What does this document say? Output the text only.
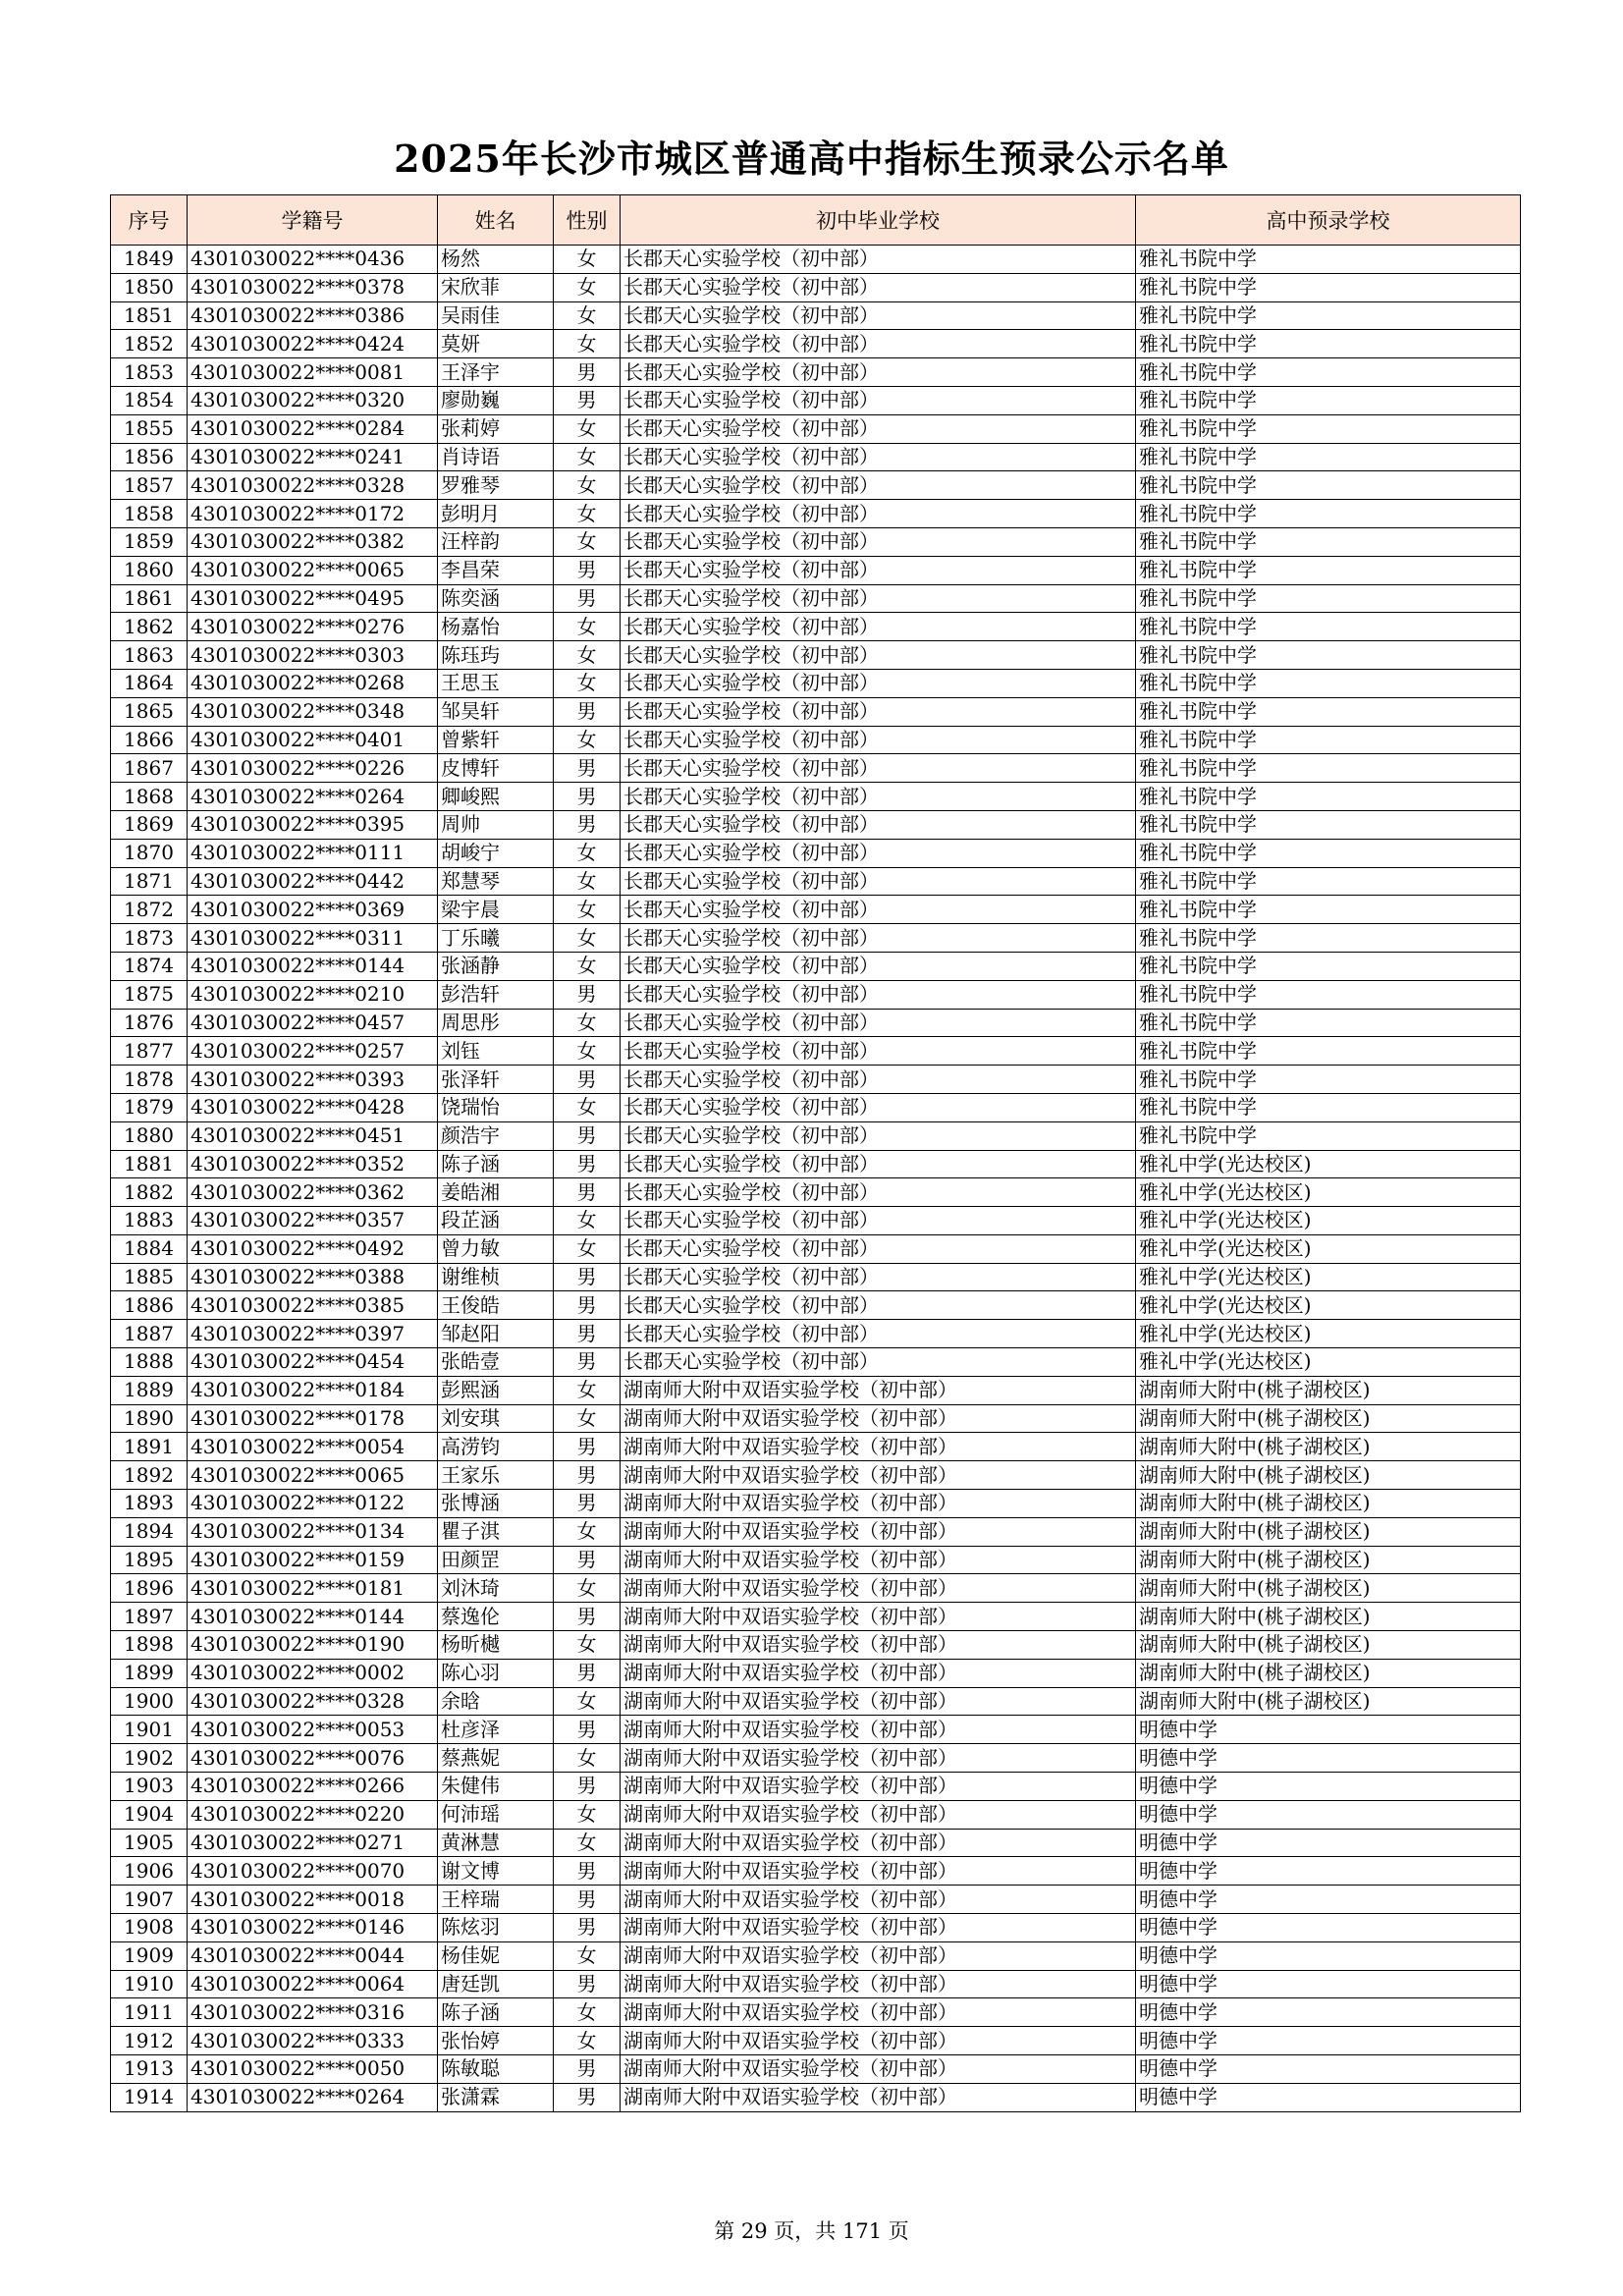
2025年长沙市城区普通高中指标生预录公示名单
序号	学籍号	姓名	性别	初中毕业学校	高中预录学校
1849	4301030022****0436	杨然	女	长郡天心实验学校（初中部）	雅礼书院中学
1850	4301030022****0378	宋欣菲	女	长郡天心实验学校（初中部）	雅礼书院中学
1851	4301030022****0386	吴雨佳	女	长郡天心实验学校（初中部）	雅礼书院中学
1852	4301030022****0424	莫妍	女	长郡天心实验学校（初中部）	雅礼书院中学
1853	4301030022****0081	王泽宇	男	长郡天心实验学校（初中部）	雅礼书院中学
1854	4301030022****0320	廖勋巍	男	长郡天心实验学校（初中部）	雅礼书院中学
1855	4301030022****0284	张莉婷	女	长郡天心实验学校（初中部）	雅礼书院中学
1856	4301030022****0241	肖诗语	女	长郡天心实验学校（初中部）	雅礼书院中学
1857	4301030022****0328	罗雅琴	女	长郡天心实验学校（初中部）	雅礼书院中学
1858	4301030022****0172	彭明月	女	长郡天心实验学校（初中部）	雅礼书院中学
1859	4301030022****0382	汪梓韵	女	长郡天心实验学校（初中部）	雅礼书院中学
1860	4301030022****0065	李昌荣	男	长郡天心实验学校（初中部）	雅礼书院中学
1861	4301030022****0495	陈奕涵	男	长郡天心实验学校（初中部）	雅礼书院中学
1862	4301030022****0276	杨嘉怡	女	长郡天心实验学校（初中部）	雅礼书院中学
1863	4301030022****0303	陈珏玙	女	长郡天心实验学校（初中部）	雅礼书院中学
1864	4301030022****0268	王思玉	女	长郡天心实验学校（初中部）	雅礼书院中学
1865	4301030022****0348	邹昊轩	男	长郡天心实验学校（初中部）	雅礼书院中学
1866	4301030022****0401	曾紫轩	女	长郡天心实验学校（初中部）	雅礼书院中学
1867	4301030022****0226	皮博轩	男	长郡天心实验学校（初中部）	雅礼书院中学
1868	4301030022****0264	卿峻熙	男	长郡天心实验学校（初中部）	雅礼书院中学
1869	4301030022****0395	周帅	男	长郡天心实验学校（初中部）	雅礼书院中学
1870	4301030022****0111	胡峻宁	女	长郡天心实验学校（初中部）	雅礼书院中学
1871	4301030022****0442	郑慧琴	女	长郡天心实验学校（初中部）	雅礼书院中学
1872	4301030022****0369	梁宇晨	女	长郡天心实验学校（初中部）	雅礼书院中学
1873	4301030022****0311	丁乐曦	女	长郡天心实验学校（初中部）	雅礼书院中学
1874	4301030022****0144	张涵静	女	长郡天心实验学校（初中部）	雅礼书院中学
1875	4301030022****0210	彭浩轩	男	长郡天心实验学校（初中部）	雅礼书院中学
1876	4301030022****0457	周思彤	女	长郡天心实验学校（初中部）	雅礼书院中学
1877	4301030022****0257	刘钰	女	长郡天心实验学校（初中部）	雅礼书院中学
1878	4301030022****0393	张泽轩	男	长郡天心实验学校（初中部）	雅礼书院中学
1879	4301030022****0428	饶瑞怡	女	长郡天心实验学校（初中部）	雅礼书院中学
1880	4301030022****0451	颜浩宇	男	长郡天心实验学校（初中部）	雅礼书院中学
1881	4301030022****0352	陈子涵	男	长郡天心实验学校（初中部）	雅礼中学(光达校区)
1882	4301030022****0362	姜皓湘	男	长郡天心实验学校（初中部）	雅礼中学(光达校区)
1883	4301030022****0357	段芷涵	女	长郡天心实验学校（初中部）	雅礼中学(光达校区)
1884	4301030022****0492	曾力敏	女	长郡天心实验学校（初中部）	雅礼中学(光达校区)
1885	4301030022****0388	谢维桢	男	长郡天心实验学校（初中部）	雅礼中学(光达校区)
1886	4301030022****0385	王俊皓	男	长郡天心实验学校（初中部）	雅礼中学(光达校区)
1887	4301030022****0397	邹赵阳	男	长郡天心实验学校（初中部）	雅礼中学(光达校区)
1888	4301030022****0454	张皓壹	男	长郡天心实验学校（初中部）	雅礼中学(光达校区)
1889	4301030022****0184	彭熙涵	女	湖南师大附中双语实验学校（初中部）	湖南师大附中(桃子湖校区)
1890	4301030022****0178	刘安琪	女	湖南师大附中双语实验学校（初中部）	湖南师大附中(桃子湖校区)
1891	4301030022****0054	高涝钧	男	湖南师大附中双语实验学校（初中部）	湖南师大附中(桃子湖校区)
1892	4301030022****0065	王家乐	男	湖南师大附中双语实验学校（初中部）	湖南师大附中(桃子湖校区)
1893	4301030022****0122	张博涵	男	湖南师大附中双语实验学校（初中部）	湖南师大附中(桃子湖校区)
1894	4301030022****0134	瞿子淇	女	湖南师大附中双语实验学校（初中部）	湖南师大附中(桃子湖校区)
1895	4301030022****0159	田颜罡	男	湖南师大附中双语实验学校（初中部）	湖南师大附中(桃子湖校区)
1896	4301030022****0181	刘沐琦	女	湖南师大附中双语实验学校（初中部）	湖南师大附中(桃子湖校区)
1897	4301030022****0144	蔡逸伦	男	湖南师大附中双语实验学校（初中部）	湖南师大附中(桃子湖校区)
1898	4301030022****0190	杨昕樾	女	湖南师大附中双语实验学校（初中部）	湖南师大附中(桃子湖校区)
1899	4301030022****0002	陈心羽	男	湖南师大附中双语实验学校（初中部）	湖南师大附中(桃子湖校区)
1900	4301030022****0328	余晗	女	湖南师大附中双语实验学校（初中部）	湖南师大附中(桃子湖校区)
1901	4301030022****0053	杜彦泽	男	湖南师大附中双语实验学校（初中部）	明德中学
1902	4301030022****0076	蔡燕妮	女	湖南师大附中双语实验学校（初中部）	明德中学
1903	4301030022****0266	朱健伟	男	湖南师大附中双语实验学校（初中部）	明德中学
1904	4301030022****0220	何沛瑶	女	湖南师大附中双语实验学校（初中部）	明德中学
1905	4301030022****0271	黄淋慧	女	湖南师大附中双语实验学校（初中部）	明德中学
1906	4301030022****0070	谢文博	男	湖南师大附中双语实验学校（初中部）	明德中学
1907	4301030022****0018	王梓瑞	男	湖南师大附中双语实验学校（初中部）	明德中学
1908	4301030022****0146	陈炫羽	男	湖南师大附中双语实验学校（初中部）	明德中学
1909	4301030022****0044	杨佳妮	女	湖南师大附中双语实验学校（初中部）	明德中学
1910	4301030022****0064	唐廷凯	男	湖南师大附中双语实验学校（初中部）	明德中学
1911	4301030022****0316	陈子涵	女	湖南师大附中双语实验学校（初中部）	明德中学
1912	4301030022****0333	张怡婷	女	湖南师大附中双语实验学校（初中部）	明德中学
1913	4301030022****0050	陈敏聪	男	湖南师大附中双语实验学校（初中部）	明德中学
1914	4301030022****0264	张潇霖	男	湖南师大附中双语实验学校（初中部）	明德中学
第 29 页，共 171 页
